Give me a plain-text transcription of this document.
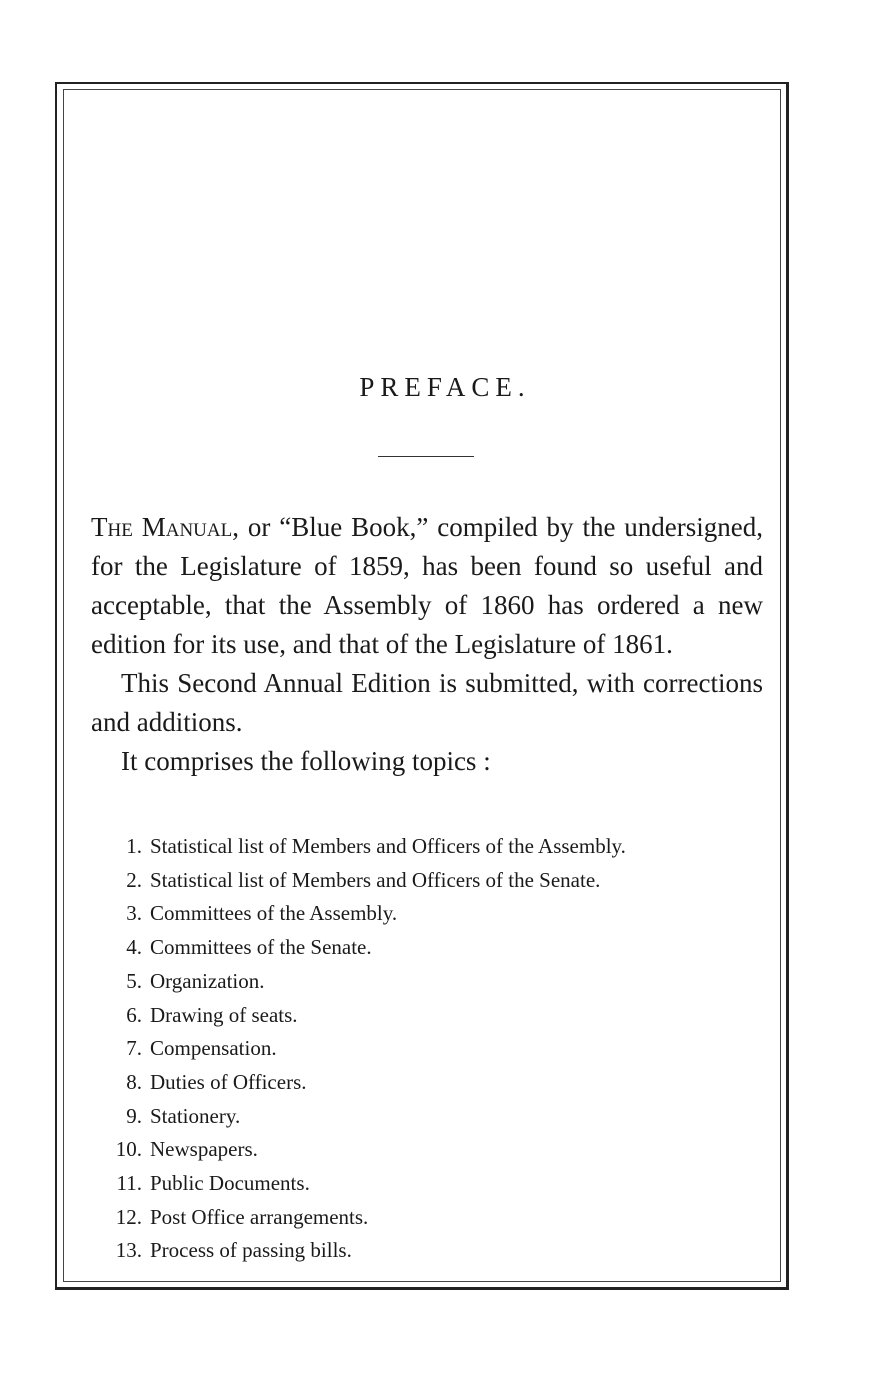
PREFACE.

The Manual, or “Blue Book,” compiled by the undersigned, for the Legislature of 1859, has been found so useful and acceptable, that the Assembly of 1860 has ordered a new edition for its use, and that of the Legislature of 1861.

This Second Annual Edition is submitted, with corrections and additions.

It comprises the following topics :

1. Statistical list of Members and Officers of the Assembly.
2. Statistical list of Members and Officers of the Senate.
3. Committees of the Assembly.
4. Committees of the Senate.
5. Organization.
6. Drawing of seats.
7. Compensation.
8. Duties of Officers.
9. Stationery.
10. Newspapers.
11. Public Documents.
12. Post Office arrangements.
13. Process of passing bills.
